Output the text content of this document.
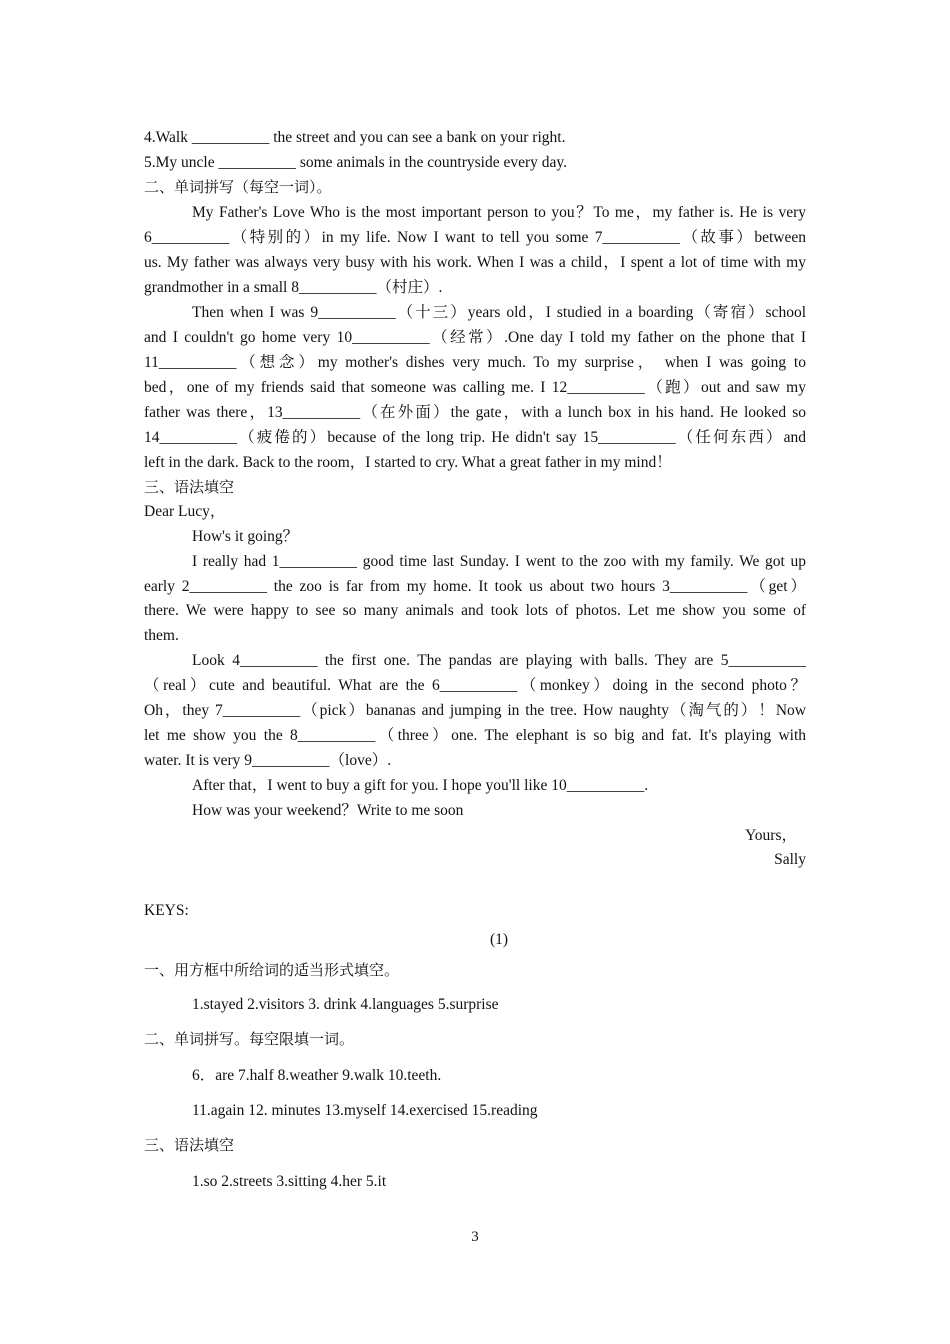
4.Walk __________ the street and you can see a bank on your right.
5.My uncle __________ some animals in the countryside every day.
二、单词拼写（每空一词）。
My Father's Love Who is the most important person to you？To me，my father is. He is very
6__________（特别的）in my life. Now I want to tell you some 7__________（故事）between
us. My father was always very busy with his work. When I was a child，I spent a lot of time with my
grandmother in a small 8__________（村庄）.
Then when I was 9__________（十三）years old，I studied in a boarding（寄宿）school
and I couldn't go home very 10__________（经常）.One day I told my father on the phone that I
11__________（想念）my mother's dishes very much. To my surprise， when I was going to
bed，one of my friends said that someone was calling me. I 12__________（跑）out and saw my
father was there，13__________（在外面）the gate，with a lunch box in his hand. He looked so
14__________（疲倦的）because of the long trip. He didn't say 15__________（任何东西）and
left in the dark. Back to the room，I started to cry. What a great father in my mind！
三、语法填空
Dear Lucy，
How's it going？
I really had 1__________ good time last Sunday. I went to the zoo with my family. We got up
early 2__________ the zoo is far from my home. It took us about two hours 3__________（get）
there. We were happy to see so many animals and took lots of photos. Let me show you some of
them.
Look 4__________ the first one. The pandas are playing with balls. They are 5__________
（real）cute and beautiful. What are the 6__________（monkey）doing in the second photo？
Oh，they 7__________（pick）bananas and jumping in the tree. How naughty（淘气的）！Now
let me show you the 8__________（three）one. The elephant is so big and fat. It's playing with
water. It is very 9__________（love）.
After that，I went to buy a gift for you. I hope you'll like 10__________.
How was your weekend？Write to me soon
Yours，
Sally
KEYS:
(1)
一、用方框中所给词的适当形式填空。
1.stayed 2.visitors 3. drink 4.languages 5.surprise
二、单词拼写。每空限填一词。
6．are 7.half 8.weather 9.walk 10.teeth.
11.again 12. minutes 13.myself 14.exercised 15.reading
三、语法填空
1.so 2.streets 3.sitting 4.her 5.it
3
